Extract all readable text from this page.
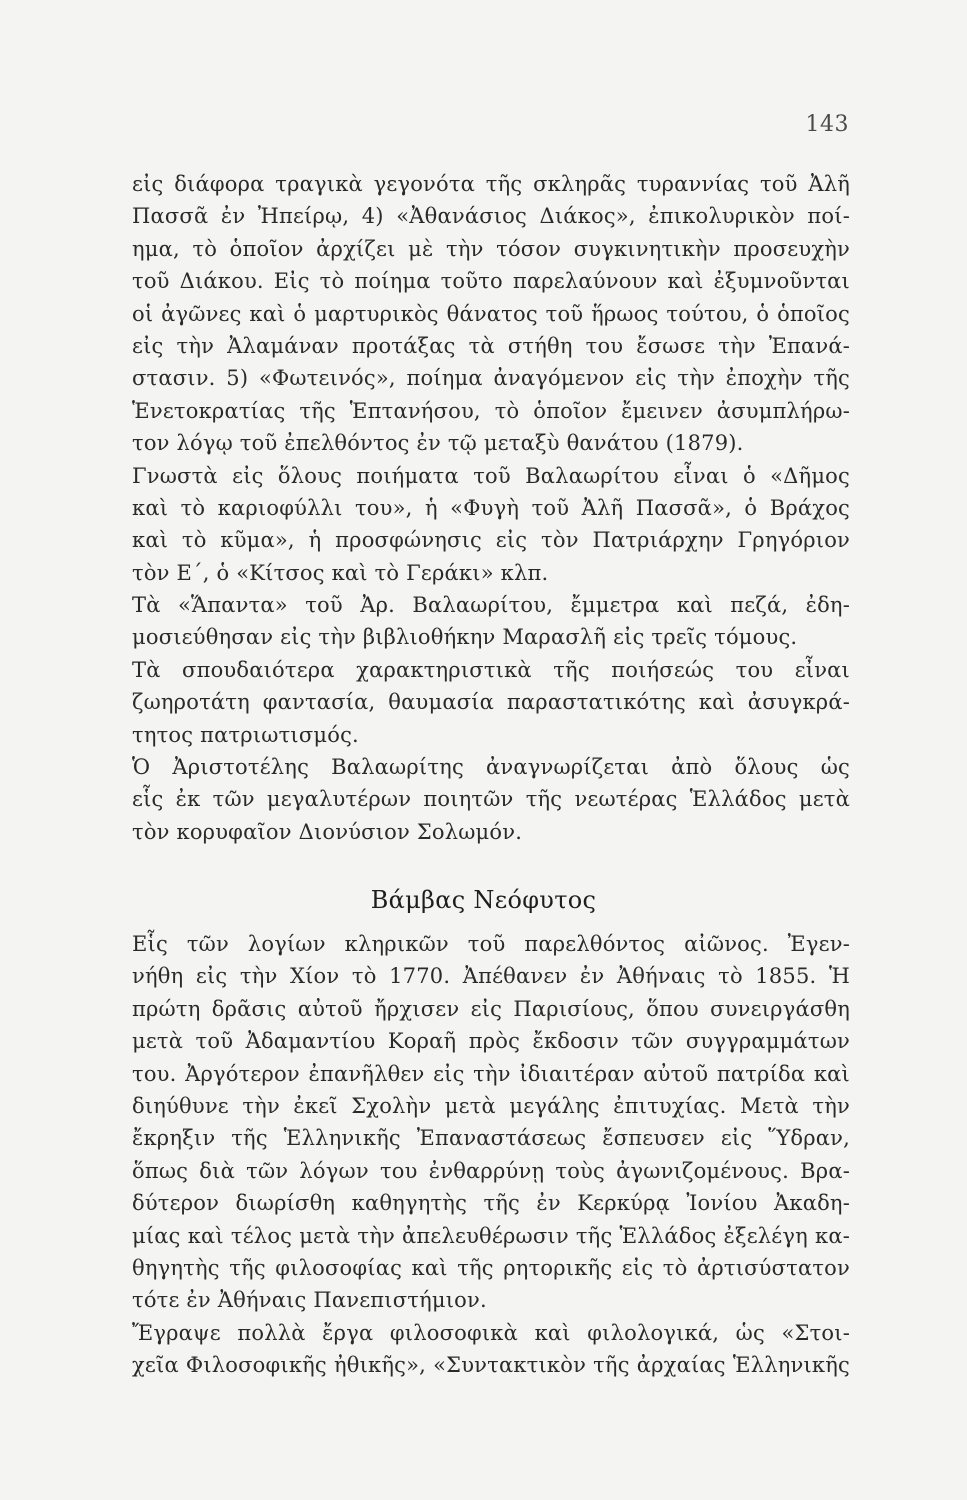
143
εἰς διάφορα τραγικὰ γεγονότα τῆς σκληρᾶς τυραννίας τοῦ Ἀλῆ
Πασσᾶ ἐν Ἠπείρῳ, 4) «Ἀθανάσιος Διάκος», ἐπικολυρικὸν ποί-
ημα, τὸ ὁποῖον ἀρχίζει μὲ τὴν τόσον συγκινητικὴν προσευχὴν
τοῦ Διάκου. Εἰς τὸ ποίημα τοῦτο παρελαύνουν καὶ ἐξυμνοῦνται
οἱ ἀγῶνες καὶ ὁ μαρτυρικὸς θάνατος τοῦ ἥρωος τούτου, ὁ ὁποῖος
εἰς τὴν Ἀλαμάναν προτάξας τὰ στήθη του ἔσωσε τὴν Ἐπανά-
στασιν. 5) «Φωτεινός», ποίημα ἀναγόμενον εἰς τὴν ἐποχὴν τῆς
Ἑνετοκρατίας τῆς Ἑπτανήσου, τὸ ὁποῖον ἔμεινεν ἀσυμπλήρω-
τον λόγῳ τοῦ ἐπελθόντος ἐν τῷ μεταξὺ θανάτου (1879).
Γνωστὰ εἰς ὅλους ποιήματα τοῦ Βαλαωρίτου εἶναι ὁ «Δῆμος
καὶ τὸ καριοφύλλι του», ἡ «Φυγὴ τοῦ Ἀλῆ Πασσᾶ», ὁ Βράχος
καὶ τὸ κῦμα», ἡ προσφώνησις εἰς τὸν Πατριάρχην Γρηγόριον
τὸν Ε΄, ὁ «Κίτσος καὶ τὸ Γεράκι» κλπ.
Τὰ «Ἅπαντα» τοῦ Ἀρ. Βαλαωρίτου, ἔμμετρα καὶ πεζά, ἐδη-
μοσιεύθησαν εἰς τὴν βιβλιοθήκην Μαρασλῆ εἰς τρεῖς τόμους.
Τὰ σπουδαιότερα χαρακτηριστικὰ τῆς ποιήσεώς του εἶναι
ζωηροτάτη φαντασία, θαυμασία παραστατικότης καὶ ἀσυγκρά-
τητος πατριωτισμός.
Ὁ Ἀριστοτέλης Βαλαωρίτης ἀναγνωρίζεται ἀπὸ ὅλους ὡς
εἷς ἐκ τῶν μεγαλυτέρων ποιητῶν τῆς νεωτέρας Ἑλλάδος μετὰ
τὸν κορυφαῖον Διονύσιον Σολωμόν.
Βάμβας Νεόφυτος
Εἷς τῶν λογίων κληρικῶν τοῦ παρελθόντος αἰῶνος. Ἐγεν-
νήθη εἰς τὴν Χίον τὸ 1770. Ἀπέθανεν ἐν Ἀθήναις τὸ 1855. Ἡ
πρώτη δρᾶσις αὐτοῦ ἤρχισεν εἰς Παρισίους, ὅπου συνειργάσθη
μετὰ τοῦ Ἀδαμαντίου Κοραῆ πρὸς ἔκδοσιν τῶν συγγραμμάτων
του. Ἀργότερον ἐπανῆλθεν εἰς τὴν ἰδιαιτέραν αὐτοῦ πατρίδα καὶ
διηύθυνε τὴν ἐκεῖ Σχολὴν μετὰ μεγάλης ἐπιτυχίας. Μετὰ τὴν
ἔκρηξιν τῆς Ἑλληνικῆς Ἐπαναστάσεως ἔσπευσεν εἰς Ὕδραν,
ὅπως διὰ τῶν λόγων του ἐνθαρρύνῃ τοὺς ἀγωνιζομένους. Βρα-
δύτερον διωρίσθη καθηγητὴς τῆς ἐν Κερκύρᾳ Ἰονίου Ἀκαδη-
μίας καὶ τέλος μετὰ τὴν ἀπελευθέρωσιν τῆς Ἑλλάδος ἐξελέγη κα-
θηγητὴς τῆς φιλοσοφίας καὶ τῆς ρητορικῆς εἰς τὸ ἀρτισύστατον
τότε ἐν Ἀθήναις Πανεπιστήμιον.
Ἔγραψε πολλὰ ἔργα φιλοσοφικὰ καὶ φιλολογικά, ὡς «Στοι-
χεῖα Φιλοσοφικῆς ἠθικῆς», «Συντακτικὸν τῆς ἀρχαίας Ἑλληνικῆς
